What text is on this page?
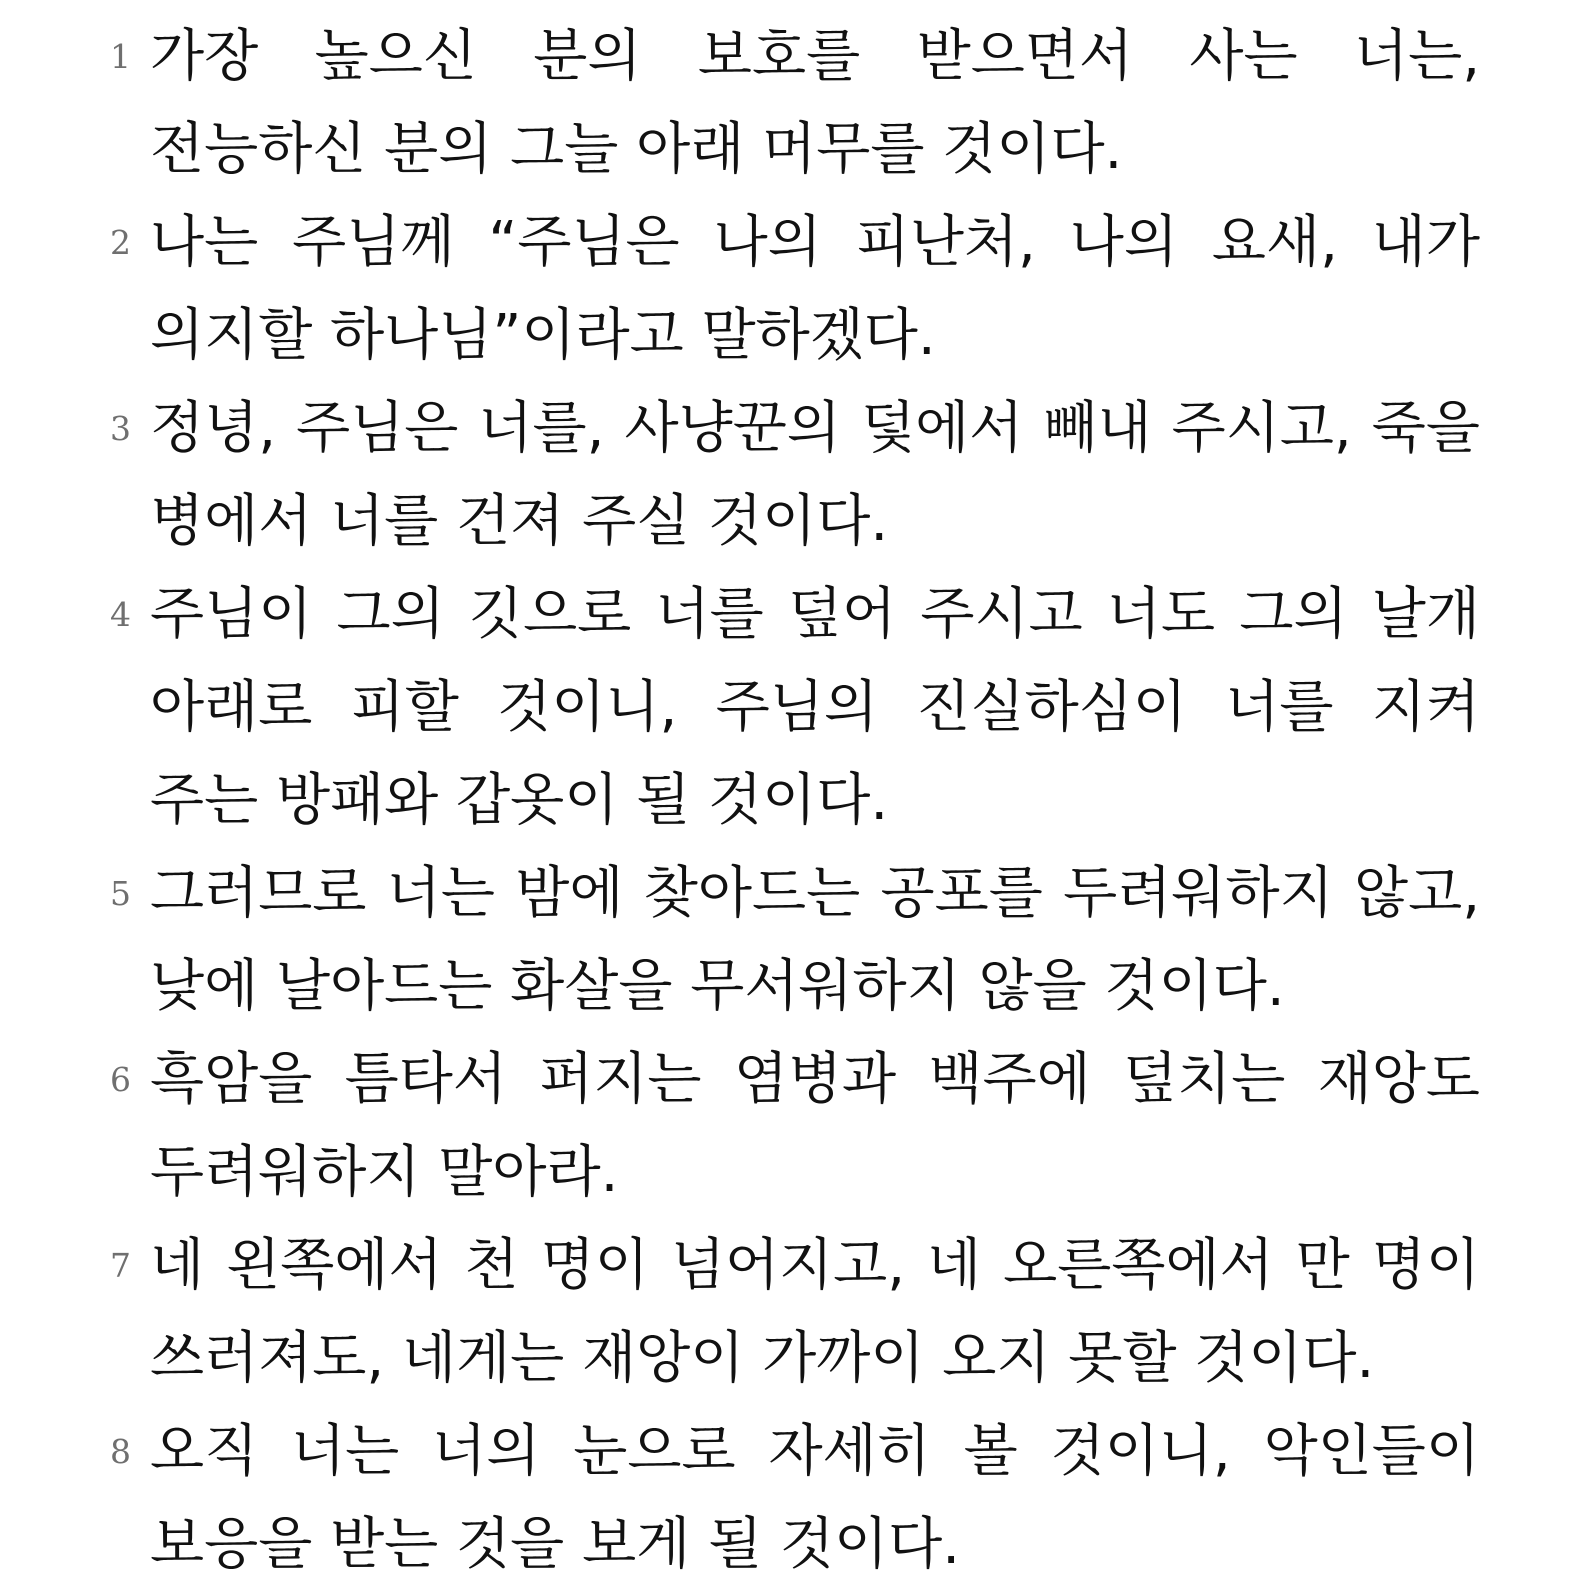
1 가장 높으신 분의 보호를 받으면서 사는 너는, 전능하신 분의 그늘 아래 머무를 것이다.
2 나는 주님께 “주님은 나의 피난처, 나의 요새, 내가 의지할 하나님”이라고 말하겠다.
3 정녕, 주님은 너를, 사냥꾼의 덫에서 빼내 주시고, 죽을 병에서 너를 건져 주실 것이다.
4 주님이 그의 깃으로 너를 덮어 주시고 너도 그의 날개 아래로 피할 것이니, 주님의 진실하심이 너를 지켜 주는 방패와 갑옷이 될 것이다.
5 그러므로 너는 밤에 찾아드는 공포를 두려워하지 않고, 낮에 날아드는 화살을 무서워하지 않을 것이다.
6 흑암을 틈타서 퍼지는 염병과 백주에 덮치는 재앙도 두려워하지 말아라.
7 네 왼쪽에서 천 명이 넘어지고, 네 오른쪽에서 만 명이 쓰러져도, 네게는 재앙이 가까이 오지 못할 것이다.
8 오직 너는 너의 눈으로 자세히 볼 것이니, 악인들이 보응을 받는 것을 보게 될 것이다.
